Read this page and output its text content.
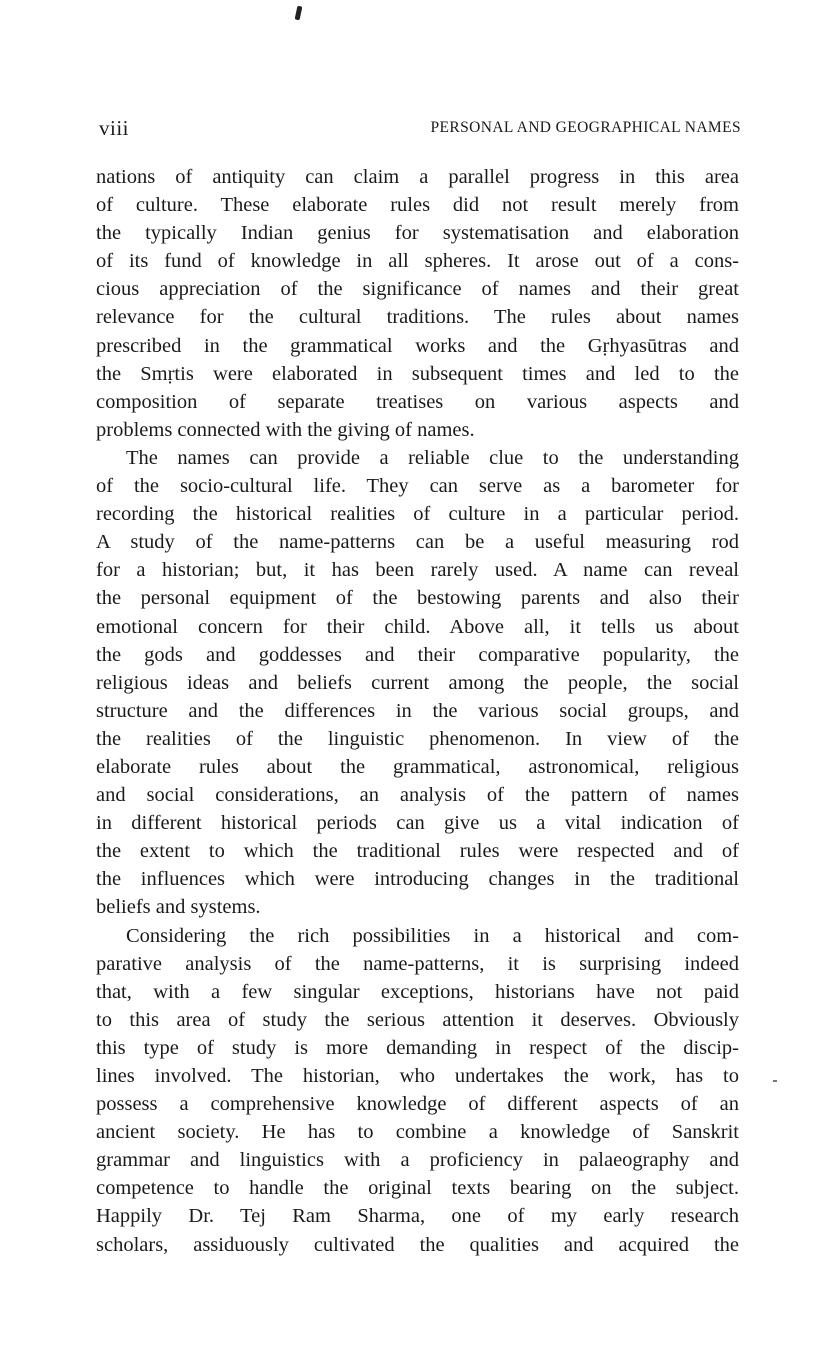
viii	PERSONAL AND GEOGRAPHICAL NAMES
nations of antiquity can claim a parallel progress in this area
of culture. These elaborate rules did not result merely from
the typically Indian genius for systematisation and elaboration
of its fund of knowledge in all spheres. It arose out of a cons-
cious appreciation of the significance of names and their great
relevance for the cultural traditions. The rules about names
prescribed in the grammatical works and the Gṛhyasūtras and
the Smṛtis were elaborated in subsequent times and led to the
composition of separate treatises on various aspects and
problems connected with the giving of names.
The names can provide a reliable clue to the understanding
of the socio-cultural life. They can serve as a barometer for
recording the historical realities of culture in a particular period.
A study of the name-patterns can be a useful measuring rod
for a historian; but, it has been rarely used. A name can reveal
the personal equipment of the bestowing parents and also their
emotional concern for their child. Above all, it tells us about
the gods and goddesses and their comparative popularity, the
religious ideas and beliefs current among the people, the social
structure and the differences in the various social groups, and
the realities of the linguistic phenomenon. In view of the
elaborate rules about the grammatical, astronomical, religious
and social considerations, an analysis of the pattern of names
in different historical periods can give us a vital indication of
the extent to which the traditional rules were respected and of
the influences which were introducing changes in the traditional
beliefs and systems.
Considering the rich possibilities in a historical and com-
parative analysis of the name-patterns, it is surprising indeed
that, with a few singular exceptions, historians have not paid
to this area of study the serious attention it deserves. Obviously
this type of study is more demanding in respect of the discip-
lines involved. The historian, who undertakes the work, has to
possess a comprehensive knowledge of different aspects of an
ancient society. He has to combine a knowledge of Sanskrit
grammar and linguistics with a proficiency in palaeography and
competence to handle the original texts bearing on the subject.
Happily Dr. Tej Ram Sharma, one of my early research
scholars, assiduously cultivated the qualities and acquired the
